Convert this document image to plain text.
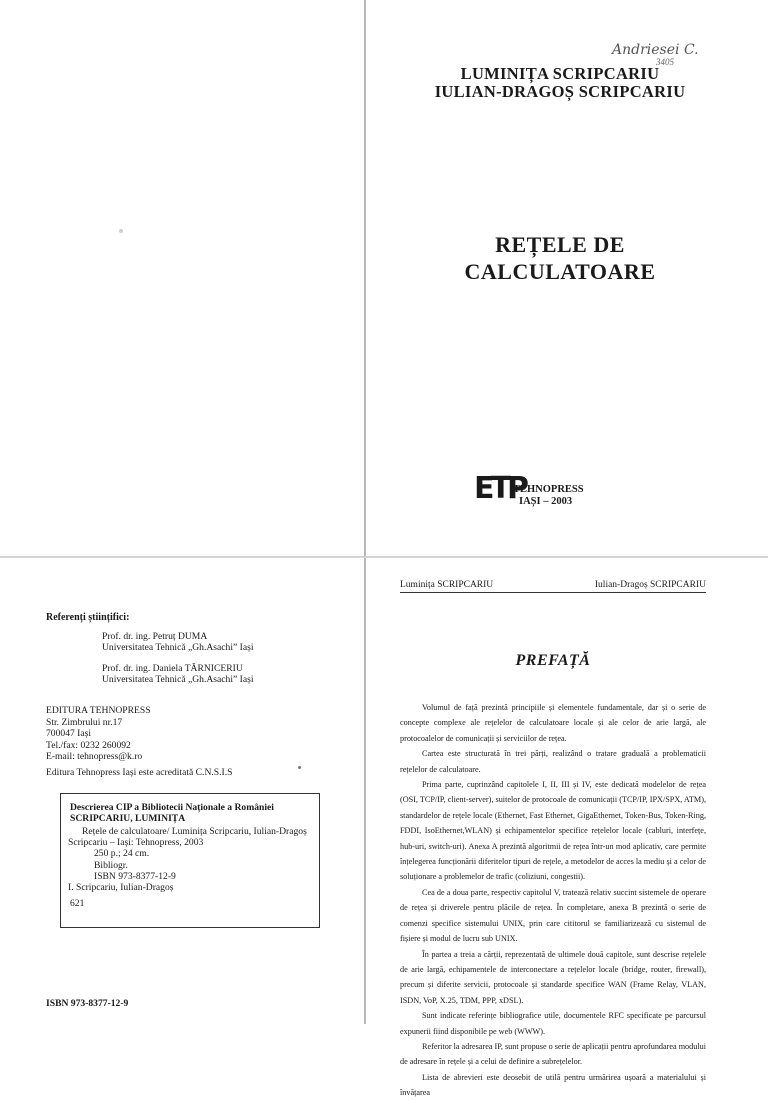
Andriesei C.
3405
LUMINIȚA SCRIPCARIU
IULIAN-DRAGOȘ SCRIPCARIU
REȚELE DE
CALCULATOARE
ETP
TEHNOPRESS
IAȘI – 2003
Luminița SCRIPCARIU	Iulian-Dragoș SCRIPCARIU
PREFAȚĂ

Volumul de față prezintă principiile și elementele fundamentale, dar și o serie de concepte complexe ale rețelelor de calculatoare locale și ale celor de arie largă, ale protocoalelor de comunicații și serviciilor de rețea.

Cartea este structurată în trei părți, realizând o tratare graduală a problematicii rețelelor de calculatoare.

Prima parte, cuprinzând capitolele I, II, III și IV, este dedicată modelelor de rețea (OSI, TCP/IP, client-server), suitelor de protocoale de comunicații (TCP/IP, IPX/SPX, ATM), standardelor de rețele locale (Ethernet, Fast Ethernet, GigaEthernet, Token-Bus, Token-Ring, FDDI, IsoEthernet,WLAN) și echipamentelor specifice rețelelor locale (cabluri, interfețe, hub-uri, switch-uri). Anexa A prezintă algoritmii de rețea într-un mod aplicativ, care permite înțelegerea funcționării diferitelor tipuri de rețele, a metodelor de acces la mediu și a celor de soluționare a problemelor de trafic (coliziuni, congestii).

Cea de a doua parte, respectiv capitolul V, tratează relativ succint sistemele de operare de rețea și driverele pentru plăcile de rețea. În completare, anexa B prezintă o serie de comenzi specifice sistemului UNIX, prin care cititorul se familiarizează cu sistemul de fișiere și modul de lucru sub UNIX.

În partea a treia a cărții, reprezentată de ultimele două capitole, sunt descrise rețelele de arie largă, echipamentele de interconectare a rețelelor locale (bridge, router, firewall), precum și diferite servicii, protocoale și standarde specifice WAN (Frame Relay, VLAN, ISDN, VoP, X.25, TDM, PPP, xDSL).

Sunt indicate referințe bibliografice utile, documentele RFC specificate pe parcursul expunerii fiind disponibile pe web (WWW).

Referitor la adresarea IP, sunt propuse o serie de aplicații pentru aprofundarea modului de adresare în rețele și a celui de definire a subrețelelor.

Lista de abrevieri este deosebit de utilă pentru urmărirea ușoară a materialului și învățarea

Referenți științifici:
Prof. dr. ing. Petruț DUMA
Universitatea Tehnică „Gh.Asachi” Iași
Prof. dr. ing. Daniela TĂRNICERIU
Universitatea Tehnică „Gh.Asachi” Iași
EDITURA TEHNOPRESS
Str. Zimbrului nr.17
700047 Iași
Tel./fax: 0232 260092
E-mail: tehnopress@k.ro
Editura Tehnopress Iași este acreditată C.N.S.I.S
Descrierea CIP a Bibliotecii Naționale a României
SCRIPCARIU, LUMINIȚA
Rețele de calculatoare/ Luminița Scripcariu, Iulian-Dragoș
Scripcariu – Iași: Tehnopress, 2003
250 p.; 24 cm.
Bibliogr.
ISBN 973-8377-12-9
I. Scripcariu, Iulian-Dragoș
621
ISBN 973-8377-12-9
